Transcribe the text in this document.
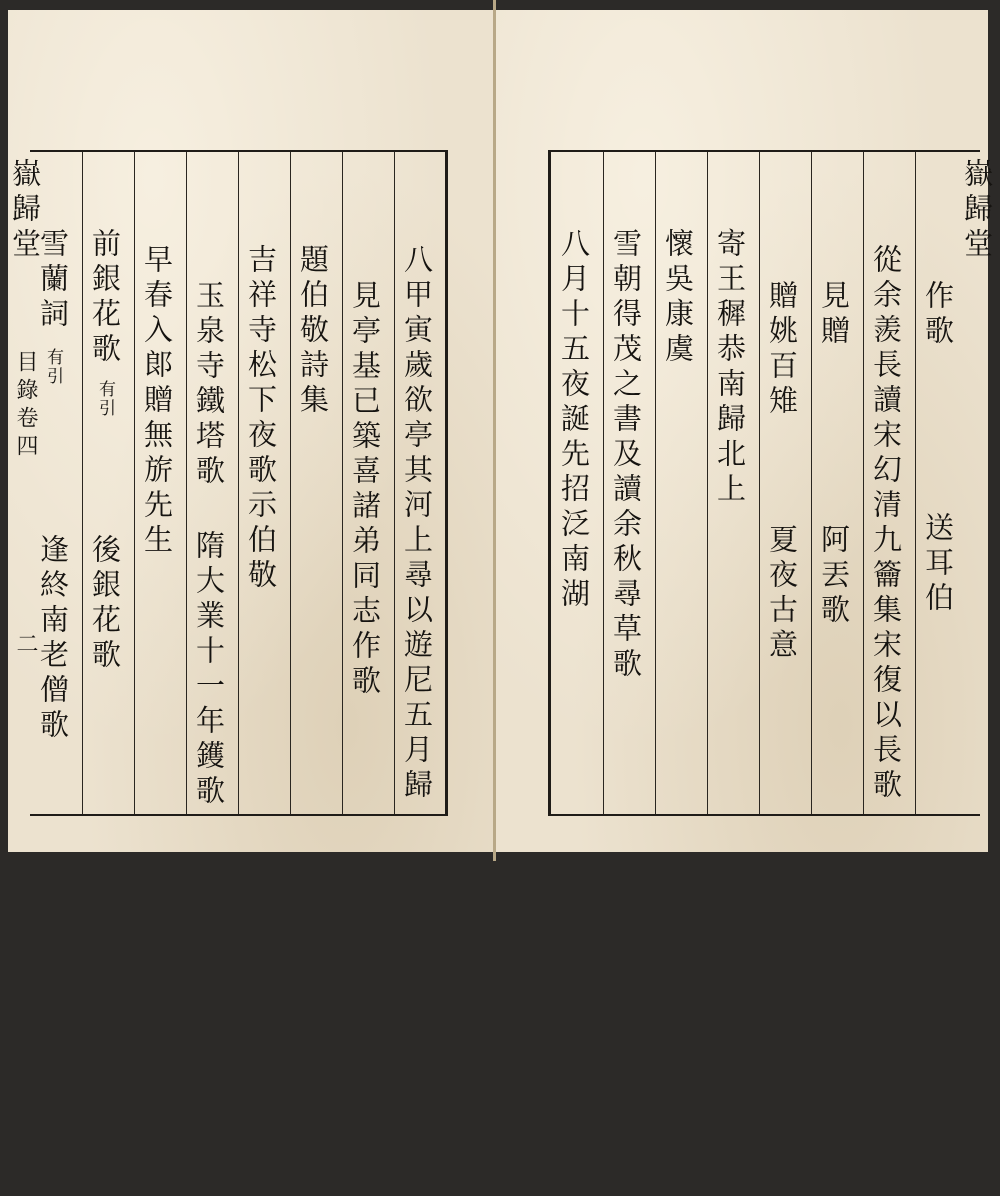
嶽歸堂
八甲寅歲欲亭其河上尋以遊尼五月歸
見亭基已築喜諸弟同志作歌
題伯敬詩集
吉祥寺松下夜歌示伯敬
玉泉寺鐵塔歌
隋大業十一年鑊歌
早春入郞贈無旂先生
前銀花歌
有引
後銀花歌
雪蘭詞
有引
逢終南老僧歌
目錄卷四
二
作歌
送耳伯
從余羨長讀宋幻清九籥集宋復以長歌
見贈
阿丟歌
贈姚百雉
夏夜古意
寄王穉恭南歸北上
懷吳康虞
雪朝得茂之書及讀余秋尋草歌
八月十五夜誕先招泛南湖
嶽歸堂
